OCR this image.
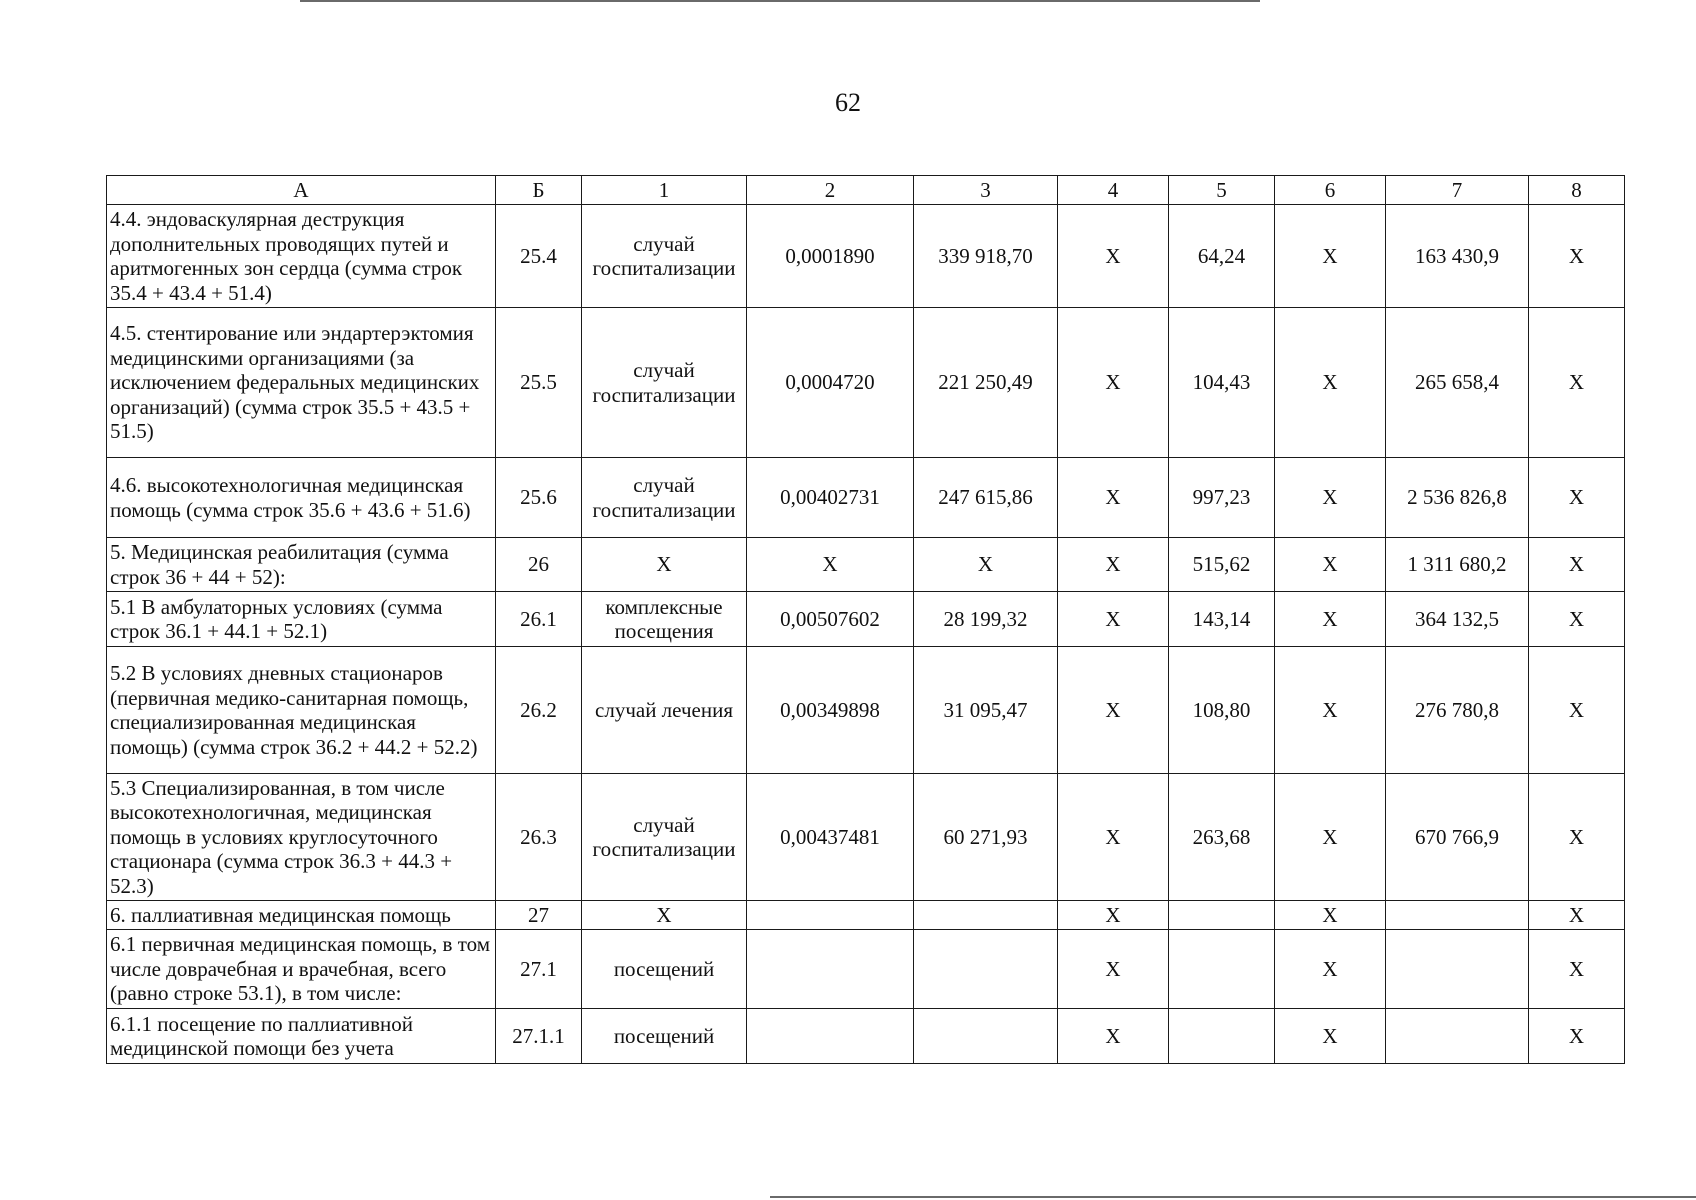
62
А	Б	1	2	3	4	5	6	7	8
4.4. эндоваскулярная деструкция дополнительных проводящих путей и аритмогенных зон сердца (сумма строк 35.4 + 43.4 + 51.4)	25.4	случай госпитализации	0,0001890	339 918,70	Х	64,24	Х	163 430,9	Х
4.5. стентирование или эндартерэктомия медицинскими организациями (за исключением федеральных медицинских организаций) (сумма строк 35.5 + 43.5 + 51.5)	25.5	случай госпитализации	0,0004720	221 250,49	Х	104,43	Х	265 658,4	Х
4.6. высокотехнологичная медицинская помощь (сумма строк 35.6 + 43.6 + 51.6)	25.6	случай госпитализации	0,00402731	247 615,86	Х	997,23	Х	2 536 826,8	Х
5. Медицинская реабилитация (сумма строк 36 + 44 + 52):	26	Х	Х	Х	Х	515,62	Х	1 311 680,2	Х
5.1 В амбулаторных условиях (сумма строк 36.1 + 44.1 + 52.1)	26.1	комплексные посещения	0,00507602	28 199,32	Х	143,14	Х	364 132,5	Х
5.2 В условиях дневных стационаров (первичная медико-санитарная помощь, специализированная медицинская помощь) (сумма строк 36.2 + 44.2 + 52.2)	26.2	случай лечения	0,00349898	31 095,47	Х	108,80	Х	276 780,8	Х
5.3 Специализированная, в том числе высокотехнологичная, медицинская помощь в условиях круглосуточного стационара (сумма строк 36.3 + 44.3 + 52.3)	26.3	случай госпитализации	0,00437481	60 271,93	Х	263,68	Х	670 766,9	Х
6. паллиативная медицинская помощь	27	Х			Х		Х		Х
6.1 первичная медицинская помощь, в том числе доврачебная и врачебная, всего (равно строке 53.1), в том числе:	27.1	посещений			Х		Х		Х
6.1.1 посещение по паллиативной медицинской помощи без учета	27.1.1	посещений			Х		Х		Х
